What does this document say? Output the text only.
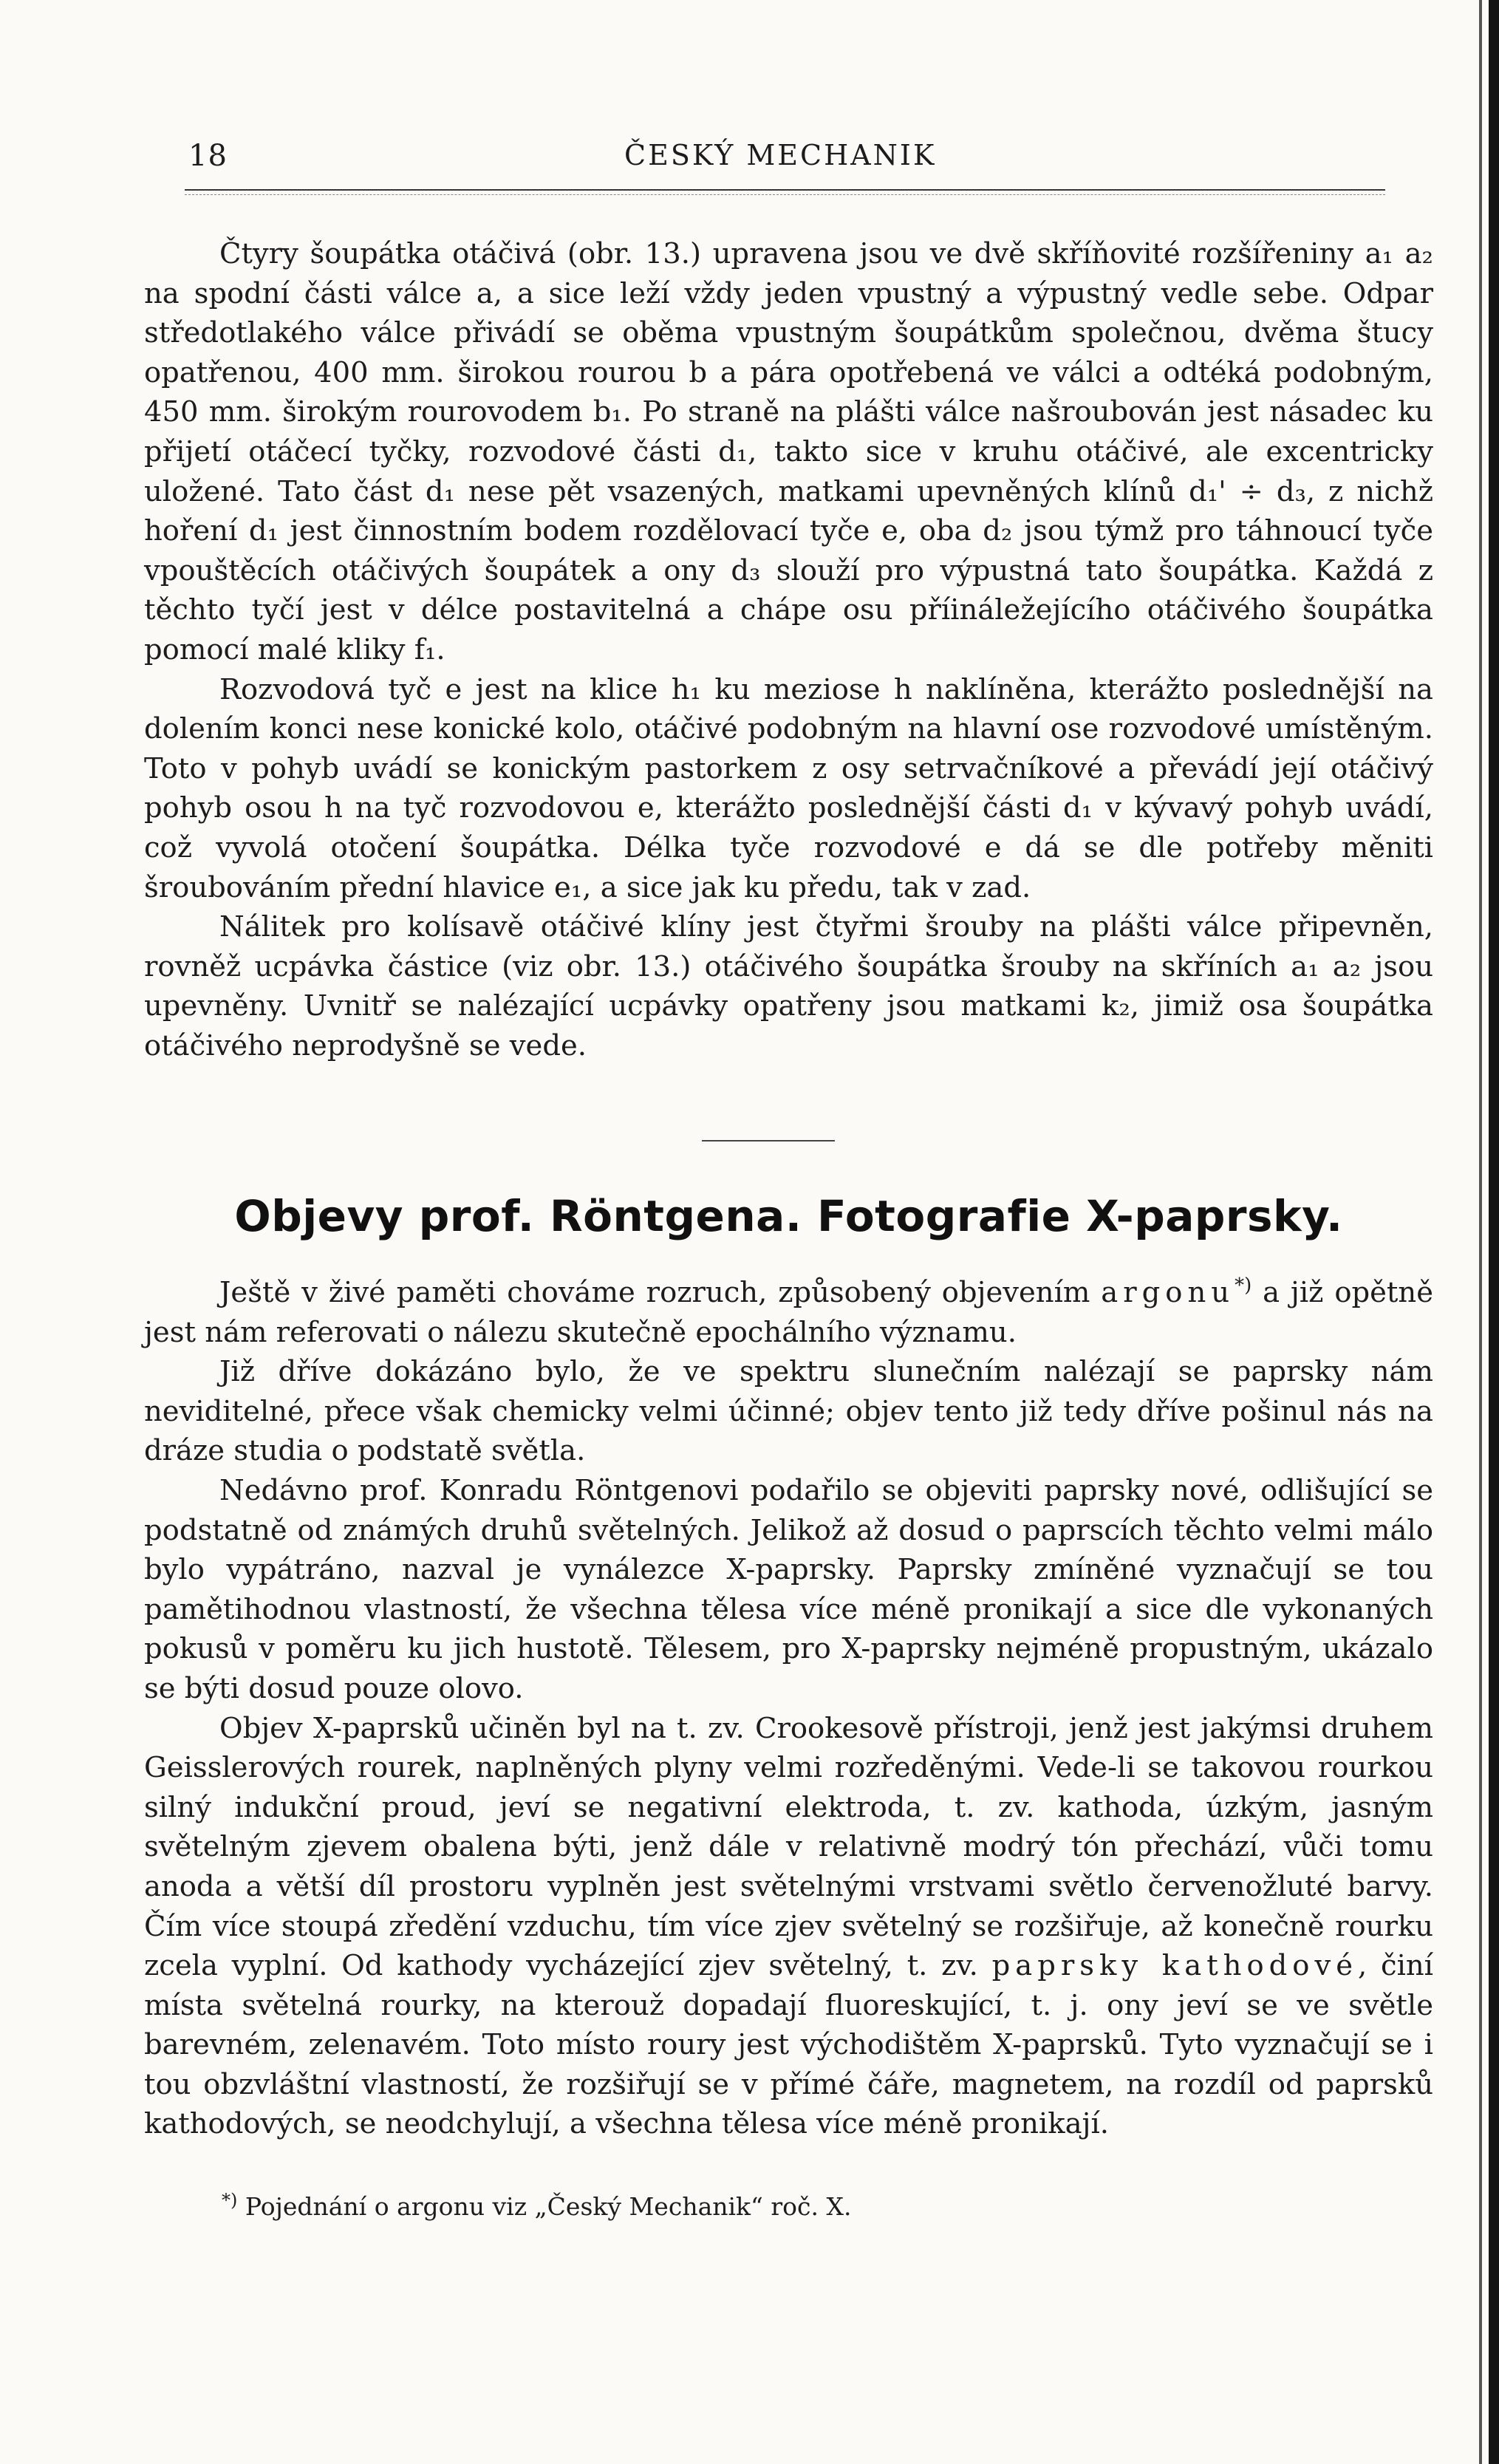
18	ČESKÝ MECHANIK

Čtyry šoupátka otáčivá (obr. 13.) upravena jsou ve dvě skříňovité rozšířeniny a₁ a₂ na spodní části válce a, a sice leží vždy jeden vpustný a výpustný vedle sebe. Odpar středotlakého válce přivádí se oběma vpustným šoupátkům společnou, dvěma štucy opatřenou, 400 mm. širokou rourou b a pára opotřebená ve válci a odtéká podobným, 450 mm. širokým rourovodem b₁. Po straně na plášti válce našroubován jest násadec ku přijetí otáčecí tyčky, rozvodové části d₁, takto sice v kruhu otáčivé, ale excentricky uložené. Tato část d₁ nese pět vsazených, matkami upevněných klínů d₁' ÷ d₃, z nichž hoření d₁ jest činnostním bodem rozdělovací tyče e, oba d₂ jsou týmž pro táhnoucí tyče vpouštěcích otáčivých šoupátek a ony d₃ slouží pro výpustná tato šoupátka. Každá z těchto tyčí jest v délce postavitelná a chápe osu příináležejícího otáčivého šoupátka pomocí malé kliky f₁.

Rozvodová tyč e jest na klice h₁ ku meziose h naklíněna, kterážto poslednější na dolením konci nese konické kolo, otáčivé podobným na hlavní ose rozvodové umístěným. Toto v pohyb uvádí se konickým pastorkem z osy setrvačníkové a převádí její otáčivý pohyb osou h na tyč rozvodovou e, kterážto poslednější části d₁ v kývavý pohyb uvádí, což vyvolá otočení šoupátka. Délka tyče rozvodové e dá se dle potřeby měniti šroubováním přední hlavice e₁, a sice jak ku předu, tak v zad.

Nálitek pro kolísavě otáčivé klíny jest čtyřmi šrouby na plášti válce připevněn, rovněž ucpávka částice (viz obr. 13.) otáčivého šoupátka šrouby na skříních a₁ a₂ jsou upevněny. Uvnitř se nalézající ucpávky opatřeny jsou matkami k₂, jimiž osa šoupátka otáčivého neprodyšně se vede.

Objevy prof. Röntgena. Fotografie X-paprsky.

Ještě v živé paměti chováme rozruch, způsobený objevením argonu*) a již opětně jest nám referovati o nálezu skutečně epochálního významu.

Již dříve dokázáno bylo, že ve spektru slunečním nalézají se paprsky nám neviditelné, přece však chemicky velmi účinné; objev tento již tedy dříve pošinul nás na dráze studia o podstatě světla.

Nedávno prof. Konradu Röntgenovi podařilo se objeviti paprsky nové, odlišující se podstatně od známých druhů světelných. Jelikož až dosud o paprscích těchto velmi málo bylo vypátráno, nazval je vynálezce X-paprsky. Paprsky zmíněné vyznačují se tou pamětihodnou vlastností, že všechna tělesa více méně pronikají a sice dle vykonaných pokusů v poměru ku jich hustotě. Tělesem, pro X-paprsky nejméně propustným, ukázalo se býti dosud pouze olovo.

Objev X-paprsků učiněn byl na t. zv. Crookesově přístroji, jenž jest jakýmsi druhem Geisslerových rourek, naplněných plyny velmi rozředěnými. Vede-li se takovou rourkou silný indukční proud, jeví se negativní elektroda, t. zv. kathoda, úzkým, jasným světelným zjevem obalena býti, jenž dále v relativně modrý tón přechází, vůči tomu anoda a větší díl prostoru vyplněn jest světelnými vrstvami světlo červenožluté barvy. Čím více stoupá zředění vzduchu, tím více zjev světelný se rozšiřuje, až konečně rourku zcela vyplní. Od kathody vycházející zjev světelný, t. zv. paprsky kathodové, činí místa světelná rourky, na kterouž dopadají fluoreskující, t. j. ony jeví se ve světle barevném, zelenavém. Toto místo roury jest východištěm X-paprsků. Tyto vyznačují se i tou obzvláštní vlastností, že rozšiřují se v přímé čáře, magnetem, na rozdíl od paprsků kathodových, se neodchylují, a všechna tělesa více méně pronikají.

*) Pojednání o argonu viz „Český Mechanik“ roč. X.
